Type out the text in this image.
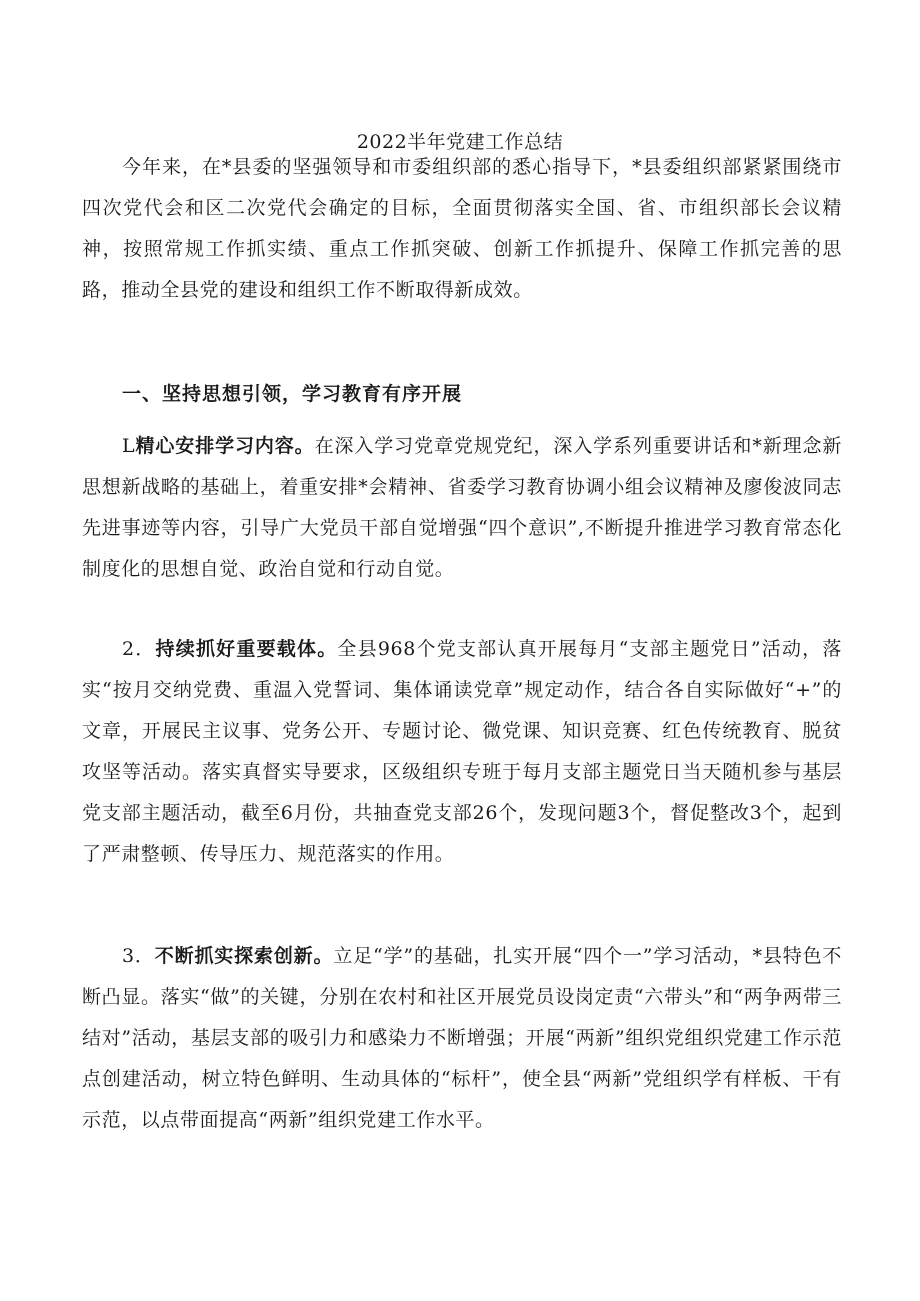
2022半年党建工作总结

今年来，在*县委的坚强领导和市委组织部的悉心指导下，*县委组织部紧紧围绕市四次党代会和区二次党代会确定的目标，全面贯彻落实全国、省、市组织部长会议精神，按照常规工作抓实绩、重点工作抓突破、创新工作抓提升、保障工作抓完善的思路，推动全县党的建设和组织工作不断取得新成效。

一、坚持思想引领，学习教育有序开展

L精心安排学习内容。在深入学习党章党规党纪，深入学系列重要讲话和*新理念新思想新战略的基础上，着重安排*会精神、省委学习教育协调小组会议精神及廖俊波同志先进事迹等内容，引导广大党员干部自觉增强“四个意识”,不断提升推进学习教育常态化制度化的思想自觉、政治自觉和行动自觉。

2．持续抓好重要载体。全县968个党支部认真开展每月“支部主题党日”活动，落实“按月交纳党费、重温入党誓词、集体诵读党章”规定动作，结合各自实际做好“+”的文章，开展民主议事、党务公开、专题讨论、微党课、知识竞赛、红色传统教育、脱贫攻坚等活动。落实真督实导要求，区级组织专班于每月支部主题党日当天随机参与基层党支部主题活动，截至6月份，共抽查党支部26个，发现问题3个，督促整改3个，起到了严肃整顿、传导压力、规范落实的作用。

3．不断抓实探索创新。立足“学”的基础，扎实开展“四个一”学习活动，*县特色不断凸显。落实“做”的关键，分别在农村和社区开展党员设岗定责“六带头”和“两争两带三结对”活动，基层支部的吸引力和感染力不断增强；开展“两新”组织党组织党建工作示范点创建活动，树立特色鲜明、生动具体的“标杆”，使全县“两新”党组织学有样板、干有示范，以点带面提高“两新”组织党建工作水平。
